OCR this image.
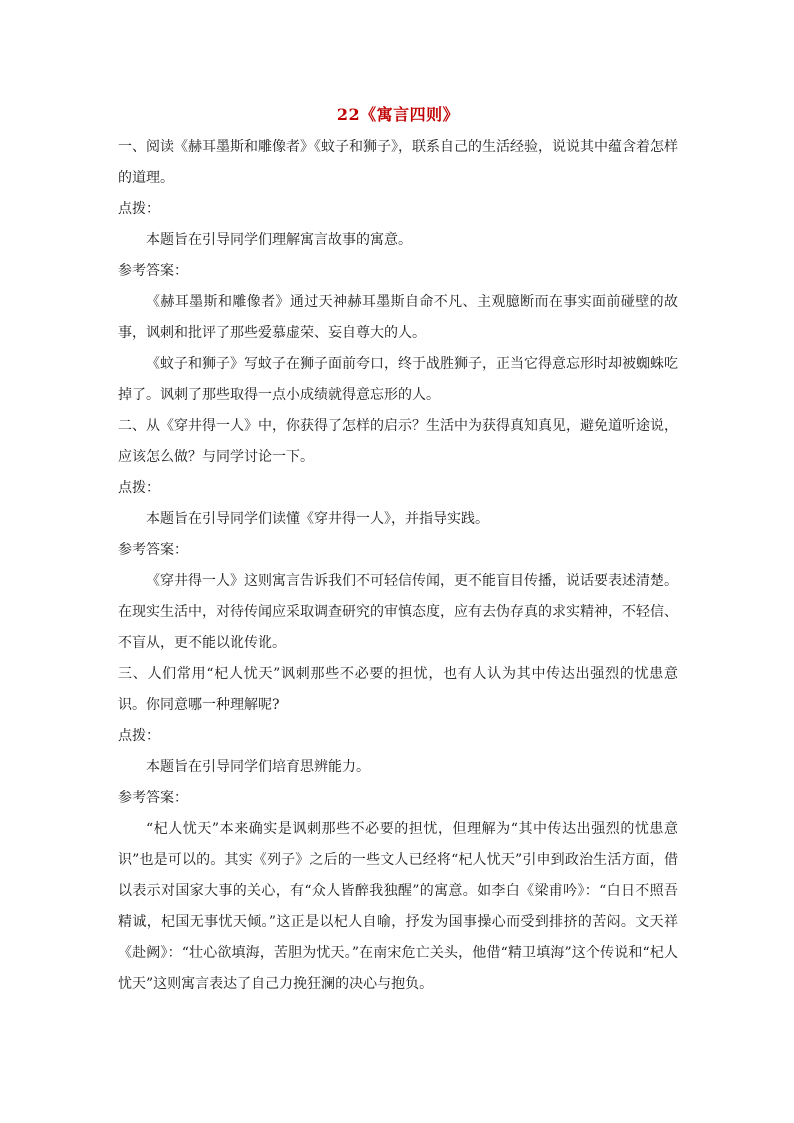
22《寓言四则》

一、阅读《赫耳墨斯和雕像者》《蚊子和狮子》，联系自己的生活经验，说说其中蕴含着怎样的道理。

点拨：

本题旨在引导同学们理解寓言故事的寓意。

参考答案：

《赫耳墨斯和雕像者》通过天神赫耳墨斯自命不凡、主观臆断而在事实面前碰壁的故事，讽刺和批评了那些爱慕虚荣、妄自尊大的人。

《蚊子和狮子》写蚊子在狮子面前夸口，终于战胜狮子，正当它得意忘形时却被蜘蛛吃掉了。讽刺了那些取得一点小成绩就得意忘形的人。

二、从《穿井得一人》中，你获得了怎样的启示？生活中为获得真知真见，避免道听途说，应该怎么做？与同学讨论一下。

点拨：

本题旨在引导同学们读懂《穿井得一人》，并指导实践。

参考答案：

《穿井得一人》这则寓言告诉我们不可轻信传闻，更不能盲目传播，说话要表述清楚。在现实生活中，对待传闻应采取调查研究的审慎态度，应有去伪存真的求实精神，不轻信、不盲从，更不能以讹传讹。

三、人们常用“杞人忧天”讽刺那些不必要的担忧，也有人认为其中传达出强烈的忧患意识。你同意哪一种理解呢?

点拨：

本题旨在引导同学们培育思辨能力。

参考答案：

“杞人忧天”本来确实是讽刺那些不必要的担忧，但理解为“其中传达出强烈的忧患意识”也是可以的。其实《列子》之后的一些文人已经将“杞人忧天”引申到政治生活方面，借以表示对国家大事的关心，有“众人皆醉我独醒”的寓意。如李白《梁甫吟》：“白日不照吾精诚，杞国无事忧天倾。”这正是以杞人自喻，抒发为国事操心而受到排挤的苦闷。文天祥《赴阙》：“壮心欲填海，苦胆为忧天。”在南宋危亡关头，他借“精卫填海”这个传说和“杞人忧天”这则寓言表达了自己力挽狂澜的决心与抱负。
